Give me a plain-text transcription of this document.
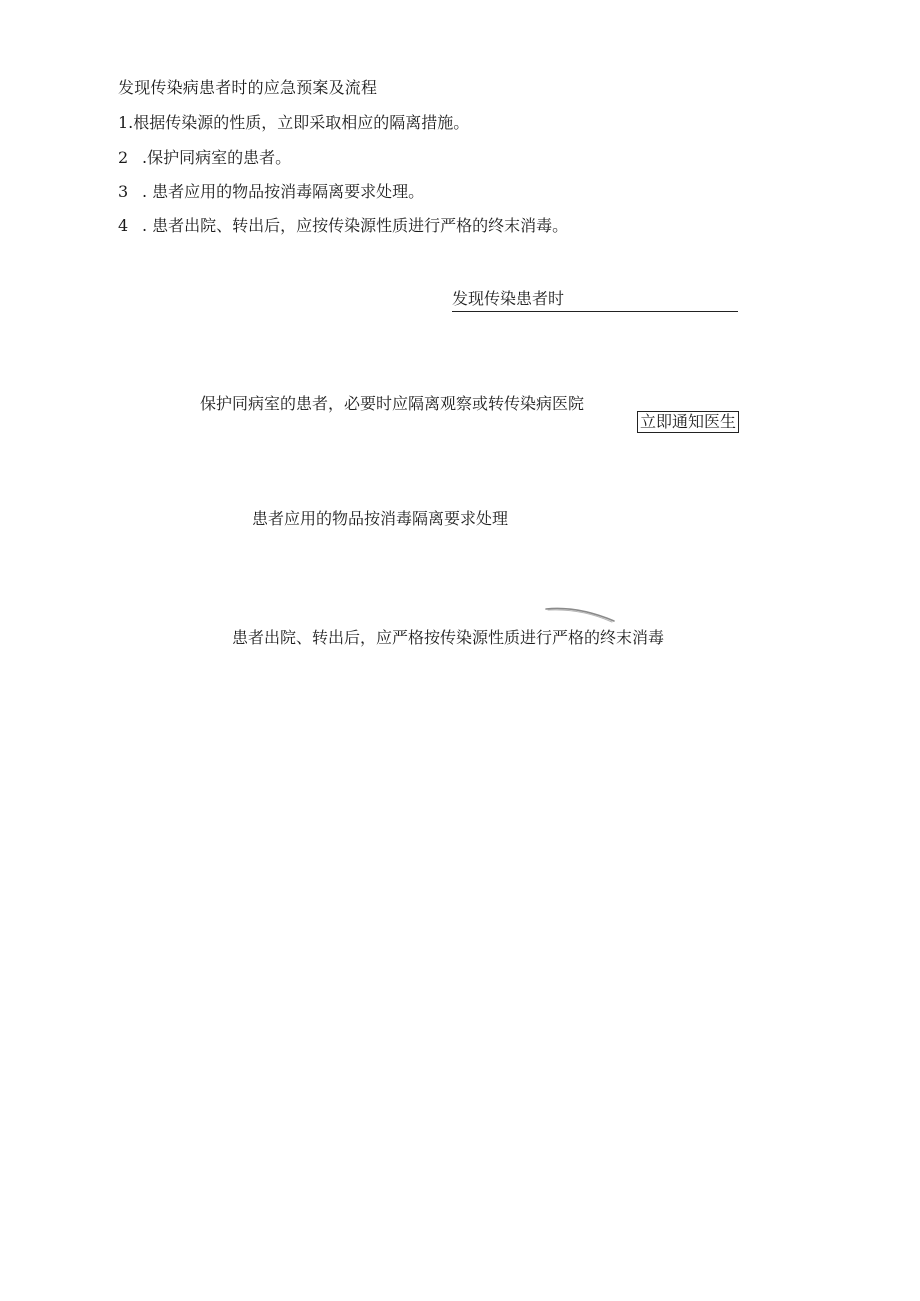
发现传染病患者时的应急预案及流程
1.根据传染源的性质，立即采取相应的隔离措施。
2 .保护同病室的患者。
3 . 患者应用的物品按消毒隔离要求处理。
4 . 患者出院、转出后，应按传染源性质进行严格的终末消毒。
发现传染患者时
保护同病室的患者，必要时应隔离观察或转传染病医院
立即通知医生
患者应用的物品按消毒隔离要求处理
患者出院、转出后，应严格按传染源性质进行严格的终末消毒
